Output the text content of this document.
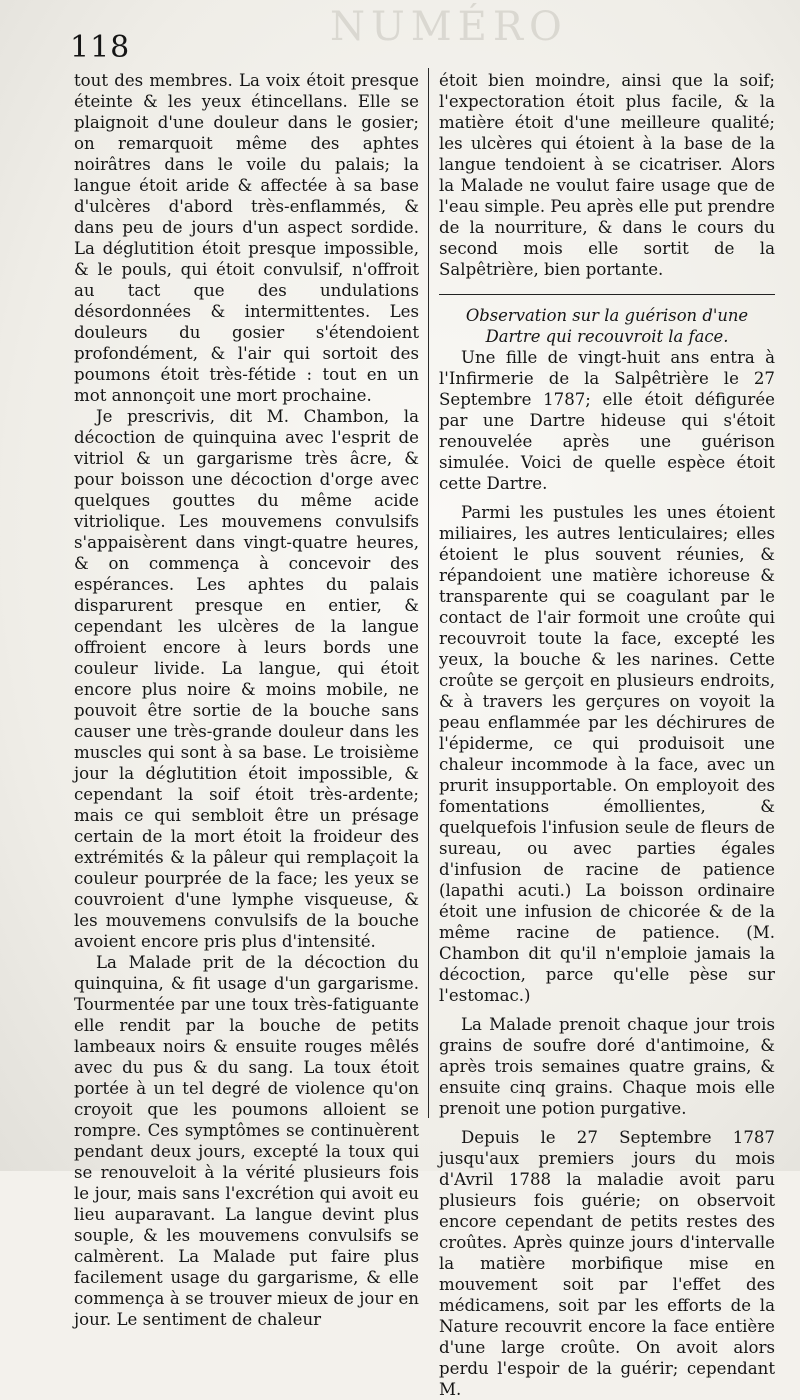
NUMÉRO
118

tout des membres. La voix étoit presque éteinte & les yeux étincellans. Elle se plaignoit d'une douleur dans le gosier; on remarquoit même des aphtes noirâtres dans le voile du palais; la langue étoit aride & affectée à sa base d'ulcères d'abord très-enflammés, & dans peu de jours d'un aspect sordide. La déglutition étoit presque impossible, & le pouls, qui étoit convulsif, n'offroit au tact que des undulations désordonnées & intermittentes. Les douleurs du gosier s'étendoient profondément, & l'air qui sortoit des poumons étoit très-fétide : tout en un mot annonçoit une mort prochaine.

Je prescrivis, dit M. Chambon, la décoction de quinquina avec l'esprit de vitriol & un gargarisme très âcre, & pour boisson une décoction d'orge avec quelques gouttes du même acide vitriolique. Les mouvemens convulsifs s'appaisèrent dans vingt-quatre heures, & on commença à concevoir des espérances. Les aphtes du palais disparurent presque en entier, & cependant les ulcères de la langue offroient encore à leurs bords une couleur livide. La langue, qui étoit encore plus noire & moins mobile, ne pouvoit être sortie de la bouche sans causer une très-grande douleur dans les muscles qui sont à sa base. Le troisième jour la déglutition étoit impossible, & cependant la soif étoit très-ardente; mais ce qui sembloit être un présage certain de la mort étoit la froideur des extrémités & la pâleur qui remplaçoit la couleur pourprée de la face; les yeux se couvroient d'une lymphe visqueuse, & les mouvemens convulsifs de la bouche avoient encore pris plus d'intensité.

La Malade prit de la décoction du quinquina, & fit usage d'un gargarisme. Tourmentée par une toux très-fatiguante elle rendit par la bouche de petits lambeaux noirs & ensuite rouges mêlés avec du pus & du sang. La toux étoit portée à un tel degré de violence qu'on croyoit que les poumons alloient se rompre. Ces symptômes se continuèrent pendant deux jours, excepté la toux qui se renouveloit à la vérité plusieurs fois le jour, mais sans l'excrétion qui avoit eu lieu auparavant. La langue devint plus souple, & les mouvemens convulsifs se calmèrent. La Malade put faire plus facilement usage du gargarisme, & elle commença à se trouver mieux de jour en jour. Le sentiment de chaleur

étoit bien moindre, ainsi que la soif; l'expectoration étoit plus facile, & la matière étoit d'une meilleure qualité; les ulcères qui étoient à la base de la langue tendoient à se cicatriser. Alors la Malade ne voulut faire usage que de l'eau simple. Peu après elle put prendre de la nourriture, & dans le cours du second mois elle sortit de la Salpêtrière, bien portante.

Observation sur la guérison d'une Dartre qui recouvroit la face.

Une fille de vingt-huit ans entra à l'Infirmerie de la Salpêtrière le 27 Septembre 1787; elle étoit défigurée par une Dartre hideuse qui s'étoit renouvelée après une guérison simulée. Voici de quelle espèce étoit cette Dartre.

Parmi les pustules les unes étoient miliaires, les autres lenticulaires; elles étoient le plus souvent réunies, & répandoient une matière ichoreuse & transparente qui se coagulant par le contact de l'air formoit une croûte qui recouvroit toute la face, excepté les yeux, la bouche & les narines. Cette croûte se gerçoit en plusieurs endroits, & à travers les gerçures on voyoit la peau enflammée par les déchirures de l'épiderme, ce qui produisoit une chaleur incommode à la face, avec un prurit insupportable. On employoit des fomentations émollientes, & quelquefois l'infusion seule de fleurs de sureau, ou avec parties égales d'infusion de racine de patience (lapathi acuti.) La boisson ordinaire étoit une infusion de chicorée & de la même racine de patience. (M. Chambon dit qu'il n'emploie jamais la décoction, parce qu'elle pèse sur l'estomac.)

La Malade prenoit chaque jour trois grains de soufre doré d'antimoine, & après trois semaines quatre grains, & ensuite cinq grains. Chaque mois elle prenoit une potion purgative.

Depuis le 27 Septembre 1787 jusqu'aux premiers jours du mois d'Avril 1788 la maladie avoit paru plusieurs fois guérie; on observoit encore cependant de petits restes des croûtes. Après quinze jours d'intervalle la matière morbifique mise en mouvement soit par l'effet des médicamens, soit par les efforts de la Nature recouvrit encore la face entière d'une large croûte. On avoit alors perdu l'espoir de la guérir; cependant M.
